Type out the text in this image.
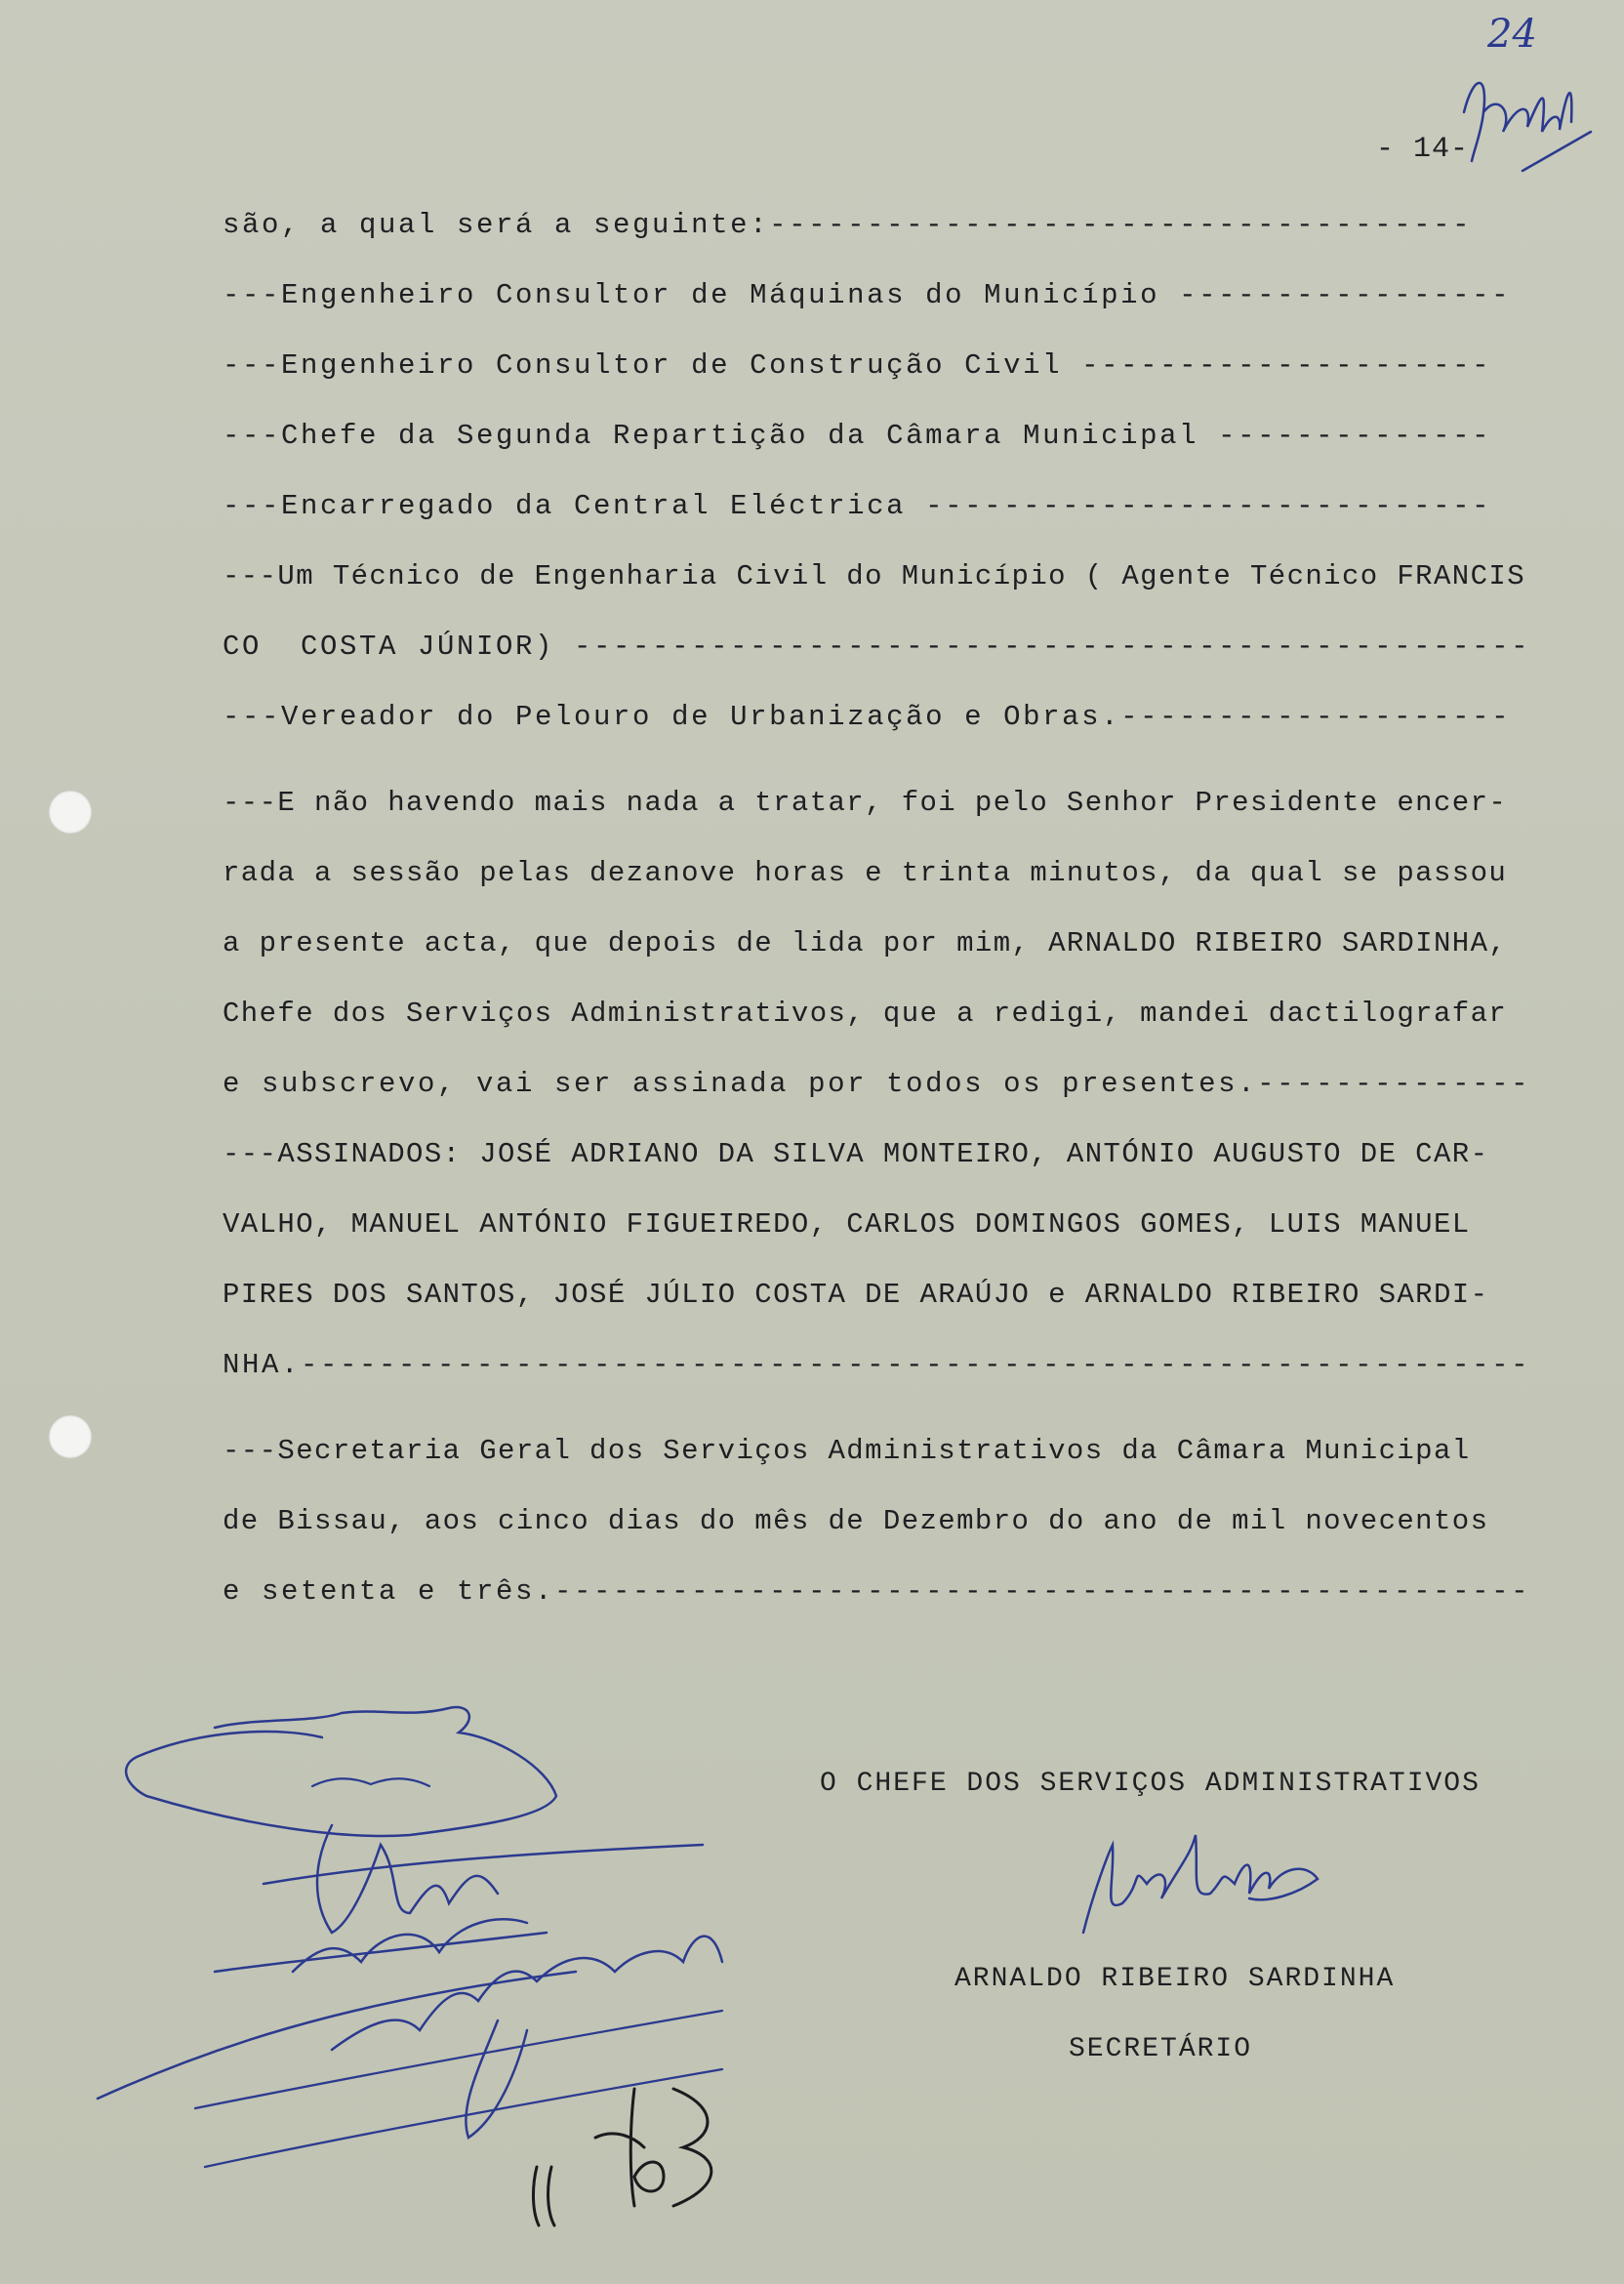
24
- 14-
são, a qual será a seguinte:------------------------------------
---Engenheiro Consultor de Máquinas do Município -----------------
---Engenheiro Consultor de Construção Civil ---------------------
---Chefe da Segunda Repartição da Câmara Municipal --------------
---Encarregado da Central Eléctrica -----------------------------
---Um Técnico de Engenharia Civil do Município ( Agente Técnico FRANCIS
CO  COSTA JÚNIOR) -------------------------------------------------
---Vereador do Pelouro de Urbanização e Obras.--------------------
---E não havendo mais nada a tratar, foi pelo Senhor Presidente encer-
rada a sessão pelas dezanove horas e trinta minutos, da qual se passou
a presente acta, que depois de lida por mim, ARNALDO RIBEIRO SARDINHA,
Chefe dos Serviços Administrativos, que a redigi, mandei dactilografar
e subscrevo, vai ser assinada por todos os presentes.--------------
---ASSINADOS: JOSÉ ADRIANO DA SILVA MONTEIRO, ANTÓNIO AUGUSTO DE CAR-
VALHO, MANUEL ANTÓNIO FIGUEIREDO, CARLOS DOMINGOS GOMES, LUIS MANUEL
PIRES DOS SANTOS, JOSÉ JÚLIO COSTA DE ARAÚJO e ARNALDO RIBEIRO SARDI-
NHA.---------------------------------------------------------------
---Secretaria Geral dos Serviços Administrativos da Câmara Municipal
de Bissau, aos cinco dias do mês de Dezembro do ano de mil novecentos
e setenta e três.--------------------------------------------------
O CHEFE DOS SERVIÇOS ADMINISTRATIVOS
ARNALDO RIBEIRO SARDINHA
SECRETÁRIO
